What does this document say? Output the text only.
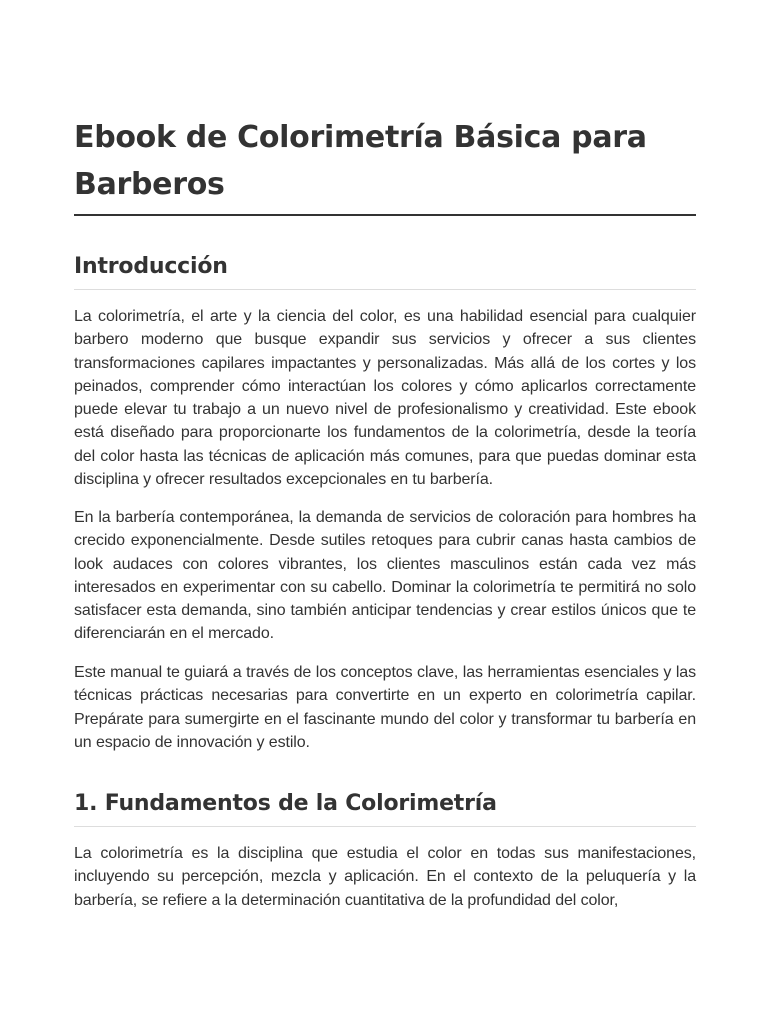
Ebook de Colorimetría Básica para Barberos
Introducción

La colorimetría, el arte y la ciencia del color, es una habilidad esencial para cualquier barbero moderno que busque expandir sus servicios y ofrecer a sus clientes transformaciones capilares impactantes y personalizadas. Más allá de los cortes y los peinados, comprender cómo interactúan los colores y cómo aplicarlos correctamente puede elevar tu trabajo a un nuevo nivel de profesionalismo y creatividad. Este ebook está diseñado para proporcionarte los fundamentos de la colorimetría, desde la teoría del color hasta las técnicas de aplicación más comunes, para que puedas dominar esta disciplina y ofrecer resultados excepcionales en tu barbería.

En la barbería contemporánea, la demanda de servicios de coloración para hombres ha crecido exponencialmente. Desde sutiles retoques para cubrir canas hasta cambios de look audaces con colores vibrantes, los clientes masculinos están cada vez más interesados en experimentar con su cabello. Dominar la colorimetría te permitirá no solo satisfacer esta demanda, sino también anticipar tendencias y crear estilos únicos que te diferenciarán en el mercado.

Este manual te guiará a través de los conceptos clave, las herramientas esenciales y las técnicas prácticas necesarias para convertirte en un experto en colorimetría capilar. Prepárate para sumergirte en el fascinante mundo del color y transformar tu barbería en un espacio de innovación y estilo.

1. Fundamentos de la Colorimetría

La colorimetría es la disciplina que estudia el color en todas sus manifestaciones, incluyendo su percepción, mezcla y aplicación. En el contexto de la peluquería y la barbería, se refiere a la determinación cuantitativa de la profundidad del color,
